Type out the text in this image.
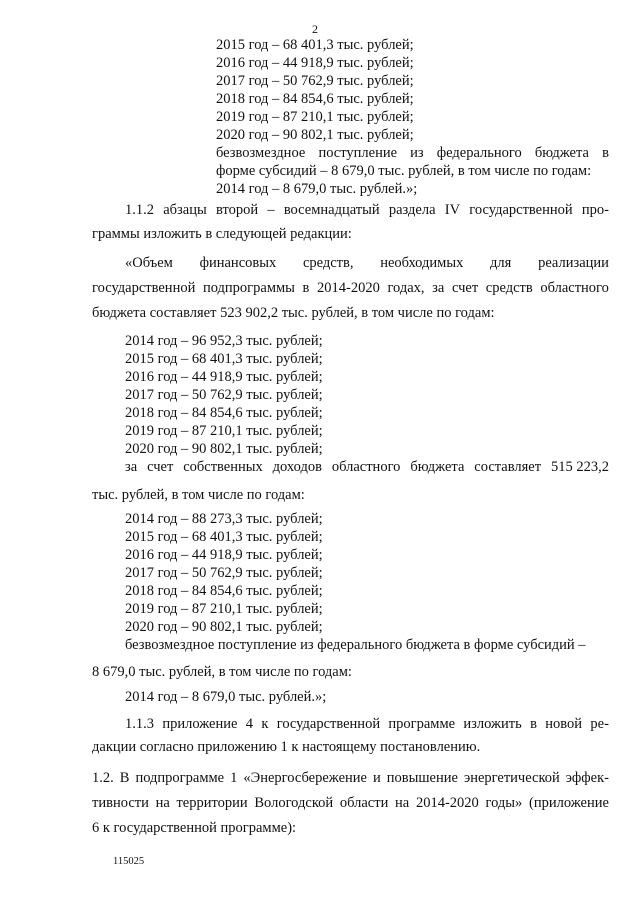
2
2015 год – 68 401,3 тыс. рублей;
2016 год – 44 918,9 тыс. рублей;
2017 год – 50 762,9 тыс. рублей;
2018 год – 84 854,6 тыс. рублей;
2019 год – 87 210,1 тыс. рублей;
2020 год – 90 802,1 тыс. рублей;
безвозмездное поступление из федерального бюджета в
форме субсидий – 8 679,0 тыс. рублей, в том числе по годам:
2014 год – 8 679,0 тыс. рублей.»;
1.1.2 абзацы второй – восемнадцатый раздела IV государственной про-
граммы изложить в следующей редакции:
«Объем финансовых средств, необходимых для реализации
государственной подпрограммы в 2014-2020 годах, за счет средств областного
бюджета составляет 523 902,2 тыс. рублей, в том числе по годам:
2014 год – 96 952,3 тыс. рублей;
2015 год – 68 401,3 тыс. рублей;
2016 год – 44 918,9 тыс. рублей;
2017 год – 50 762,9 тыс. рублей;
2018 год – 84 854,6 тыс. рублей;
2019 год – 87 210,1 тыс. рублей;
2020 год – 90 802,1 тыс. рублей;
за счет собственных доходов областного бюджета составляет 515 223,2
тыс. рублей, в том числе по годам:
2014 год – 88 273,3 тыс. рублей;
2015 год – 68 401,3 тыс. рублей;
2016 год – 44 918,9 тыс. рублей;
2017 год – 50 762,9 тыс. рублей;
2018 год – 84 854,6 тыс. рублей;
2019 год – 87 210,1 тыс. рублей;
2020 год – 90 802,1 тыс. рублей;
безвозмездное поступление из федерального бюджета в форме субсидий –
8 679,0 тыс. рублей, в том числе по годам:
2014 год – 8 679,0 тыс. рублей.»;
1.1.3 приложение 4 к государственной программе изложить в новой ре-
дакции согласно приложению 1 к настоящему постановлению.
1.2. В подпрограмме 1 «Энергосбережение и повышение энергетической эффек-
тивности на территории Вологодской области на 2014-2020 годы» (приложение
6 к государственной программе):
115025
